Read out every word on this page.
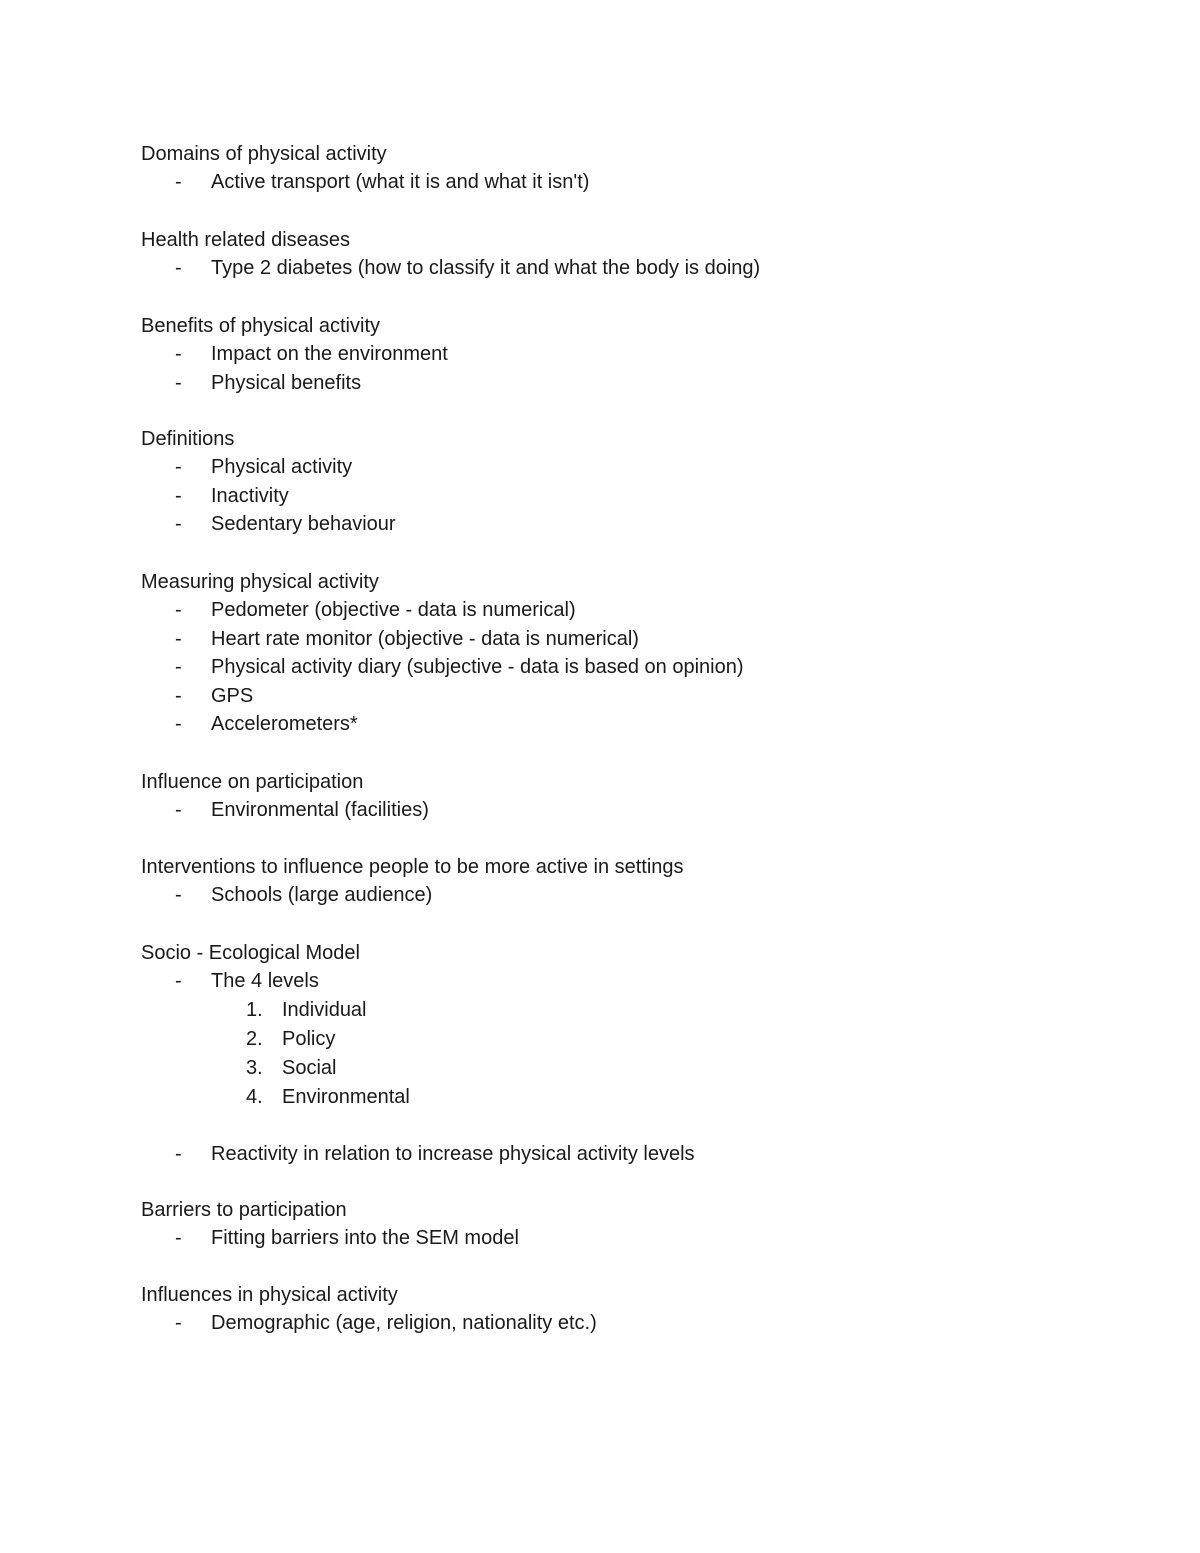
Domains of physical activity
- Active transport (what it is and what it isn't)
Health related diseases
- Type 2 diabetes (how to classify it and what the body is doing)
Benefits of physical activity
- Impact on the environment
- Physical benefits
Definitions
- Physical activity
- Inactivity
- Sedentary behaviour
Measuring physical activity
- Pedometer (objective - data is numerical)
- Heart rate monitor (objective - data is numerical)
- Physical activity diary (subjective - data is based on opinion)
- GPS
- Accelerometers*
Influence on participation
- Environmental (facilities)
Interventions to influence people to be more active in settings
- Schools (large audience)
Socio - Ecological Model
- The 4 levels
1. Individual
2. Policy
3. Social
4. Environmental
- Reactivity in relation to increase physical activity levels
Barriers to participation
- Fitting barriers into the SEM model
Influences in physical activity
- Demographic (age, religion, nationality etc.)
